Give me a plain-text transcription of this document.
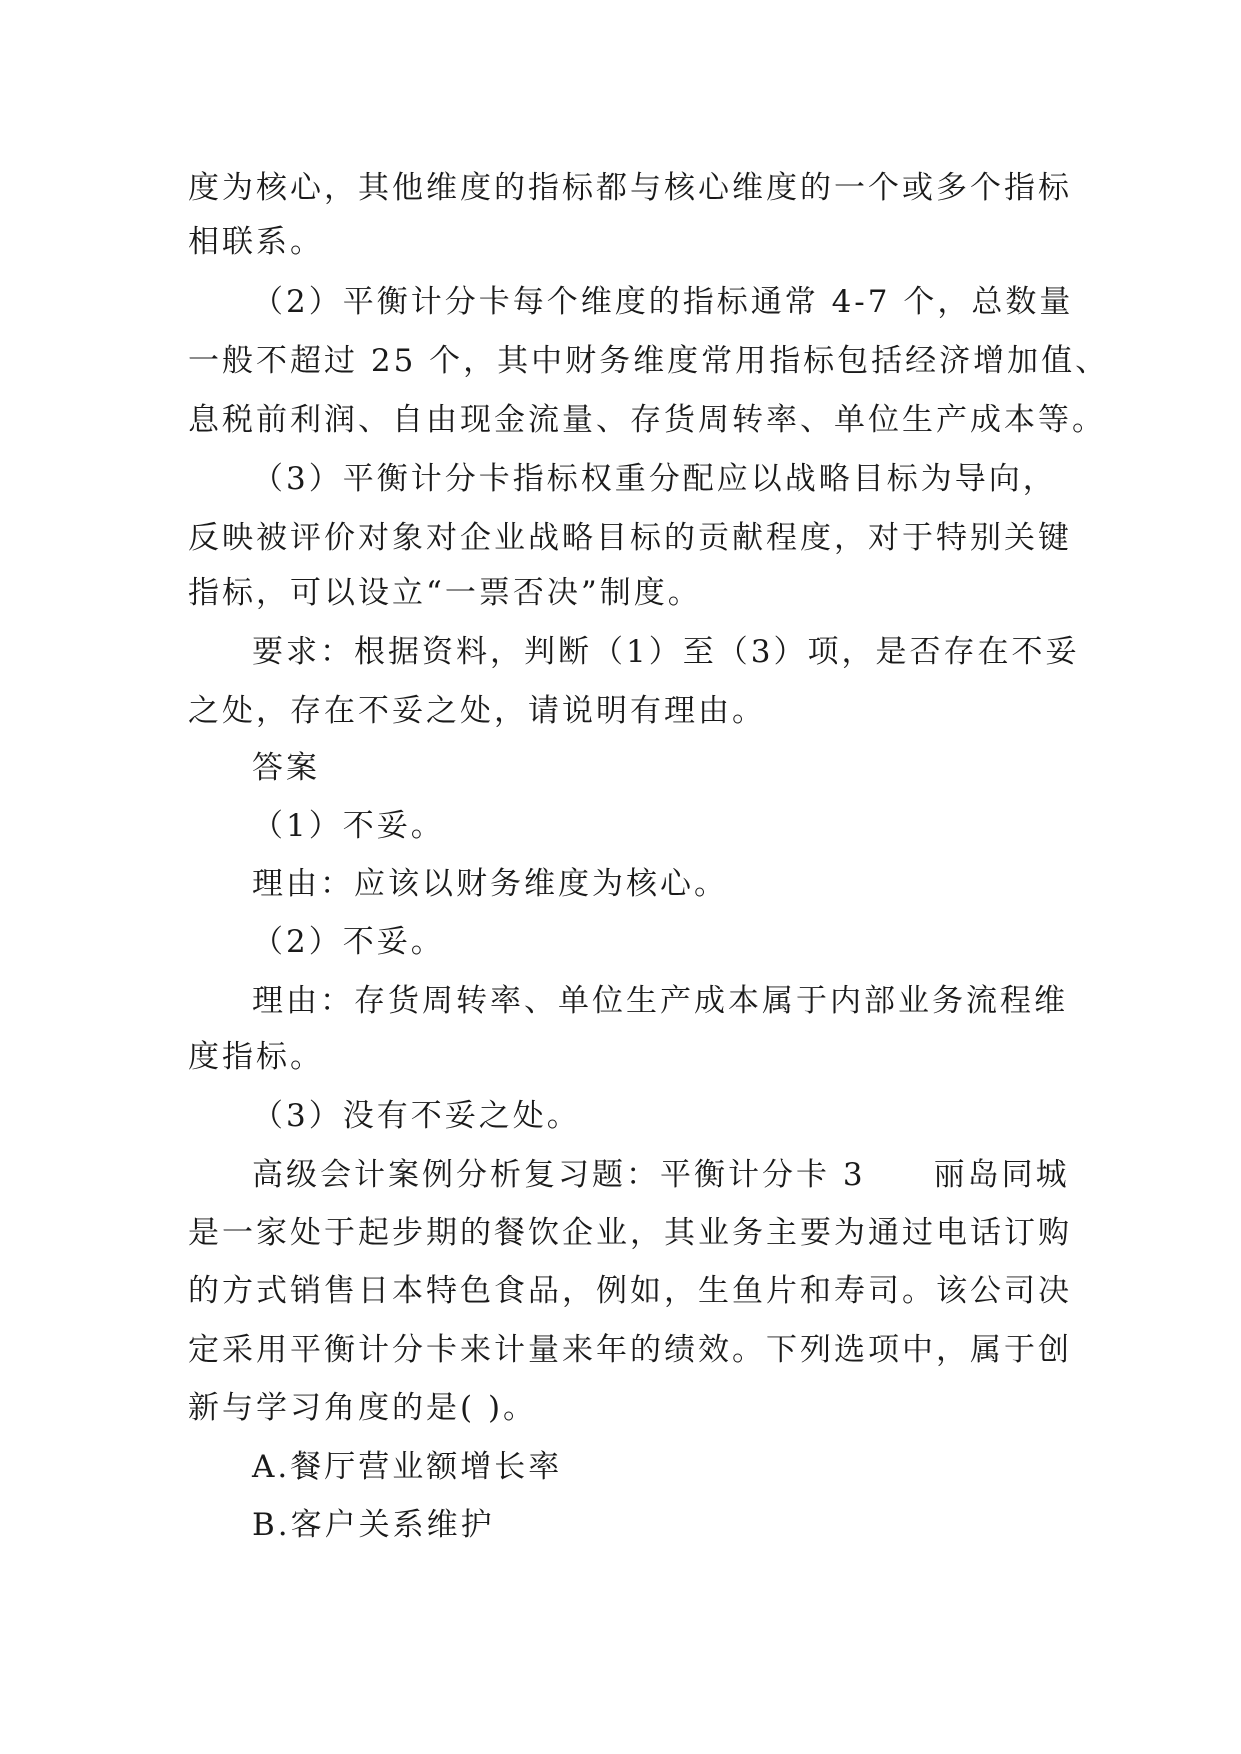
度为核心，其他维度的指标都与核心维度的一个或多个指标
相联系。
（2）平衡计分卡每个维度的指标通常 4-7 个，总数量
一般不超过 25 个，其中财务维度常用指标包括经济增加值、
息税前利润、自由现金流量、存货周转率、单位生产成本等。
（3）平衡计分卡指标权重分配应以战略目标为导向，
反映被评价对象对企业战略目标的贡献程度，对于特别关键
指标，可以设立“一票否决”制度。
要求：根据资料，判断（1）至（3）项，是否存在不妥
之处，存在不妥之处，请说明有理由。
答案
（1）不妥。
理由：应该以财务维度为核心。
（2）不妥。
理由：存货周转率、单位生产成本属于内部业务流程维
度指标。
（3）没有不妥之处。
高级会计案例分析复习题：平衡计分卡 3　　丽岛同城
是一家处于起步期的餐饮企业，其业务主要为通过电话订购
的方式销售日本特色食品，例如，生鱼片和寿司。该公司决
定采用平衡计分卡来计量来年的绩效。下列选项中，属于创
新与学习角度的是( )。
A.餐厅营业额增长率
B.客户关系维护
